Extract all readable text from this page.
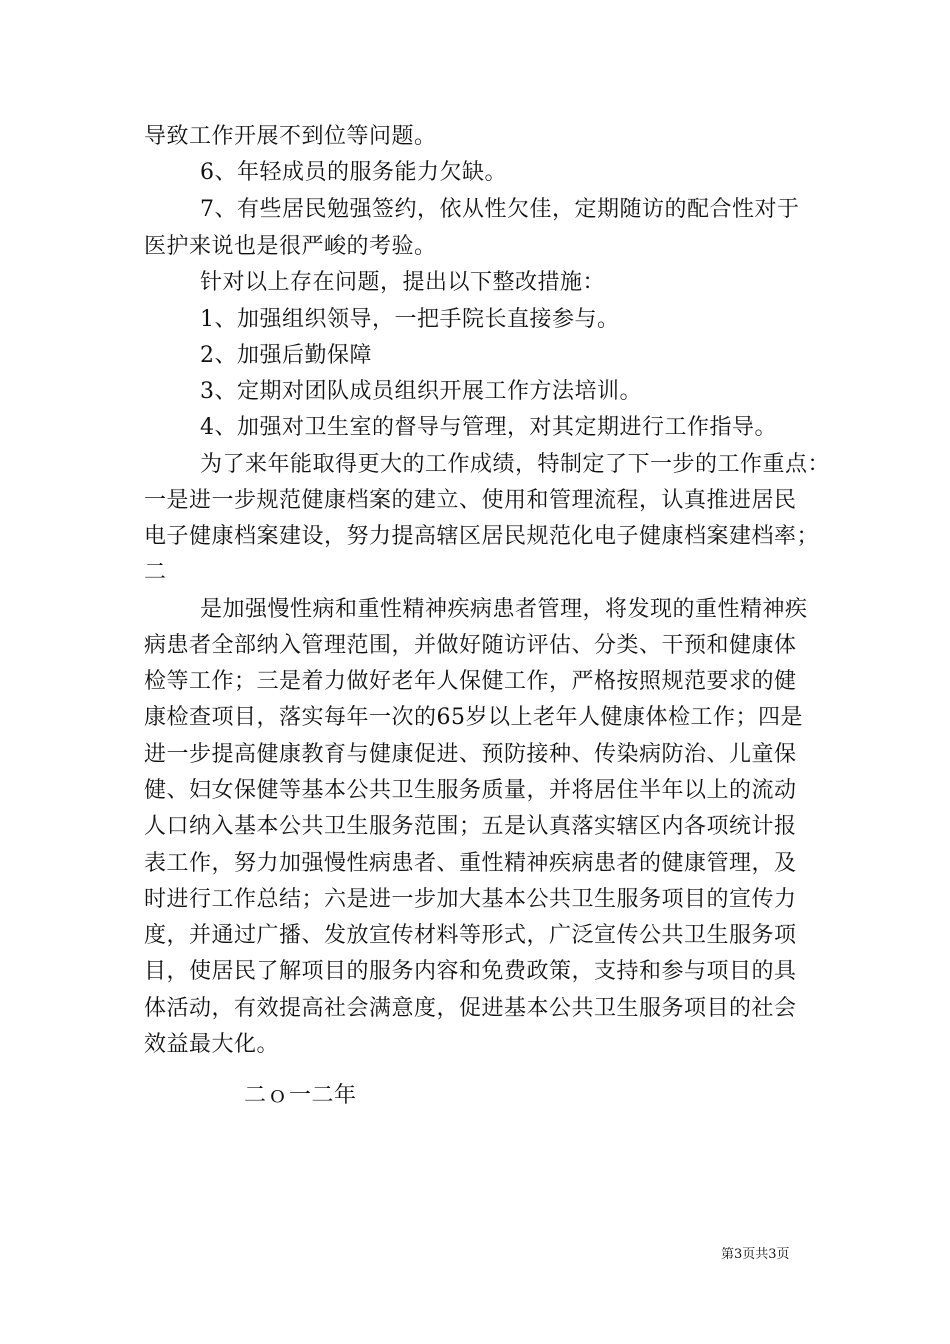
导致工作开展不到位等问题。
6、年轻成员的服务能力欠缺。
7、有些居民勉强签约，依从性欠佳，定期随访的配合性对于
医护来说也是很严峻的考验。
针对以上存在问题，提出以下整改措施：
1、加强组织领导，一把手院长直接参与。
2、加强后勤保障
3、定期对团队成员组织开展工作方法培训。
4、加强对卫生室的督导与管理，对其定期进行工作指导。
为了来年能取得更大的工作成绩，特制定了下一步的工作重点：
一是进一步规范健康档案的建立、使用和管理流程，认真推进居民
电子健康档案建设，努力提高辖区居民规范化电子健康档案建档率；
二
是加强慢性病和重性精神疾病患者管理，将发现的重性精神疾
病患者全部纳入管理范围，并做好随访评估、分类、干预和健康体
检等工作；三是着力做好老年人保健工作，严格按照规范要求的健
康检查项目，落实每年一次的65岁以上老年人健康体检工作；四是
进一步提高健康教育与健康促进、预防接种、传染病防治、儿童保
健、妇女保健等基本公共卫生服务质量，并将居住半年以上的流动
人口纳入基本公共卫生服务范围；五是认真落实辖区内各项统计报
表工作，努力加强慢性病患者、重性精神疾病患者的健康管理，及
时进行工作总结；六是进一步加大基本公共卫生服务项目的宣传力
度，并通过广播、发放宣传材料等形式，广泛宣传公共卫生服务项
目，使居民了解项目的服务内容和免费政策，支持和参与项目的具
体活动，有效提高社会满意度，促进基本公共卫生服务项目的社会
效益最大化。
二ｏ一二年
第3页共3页
